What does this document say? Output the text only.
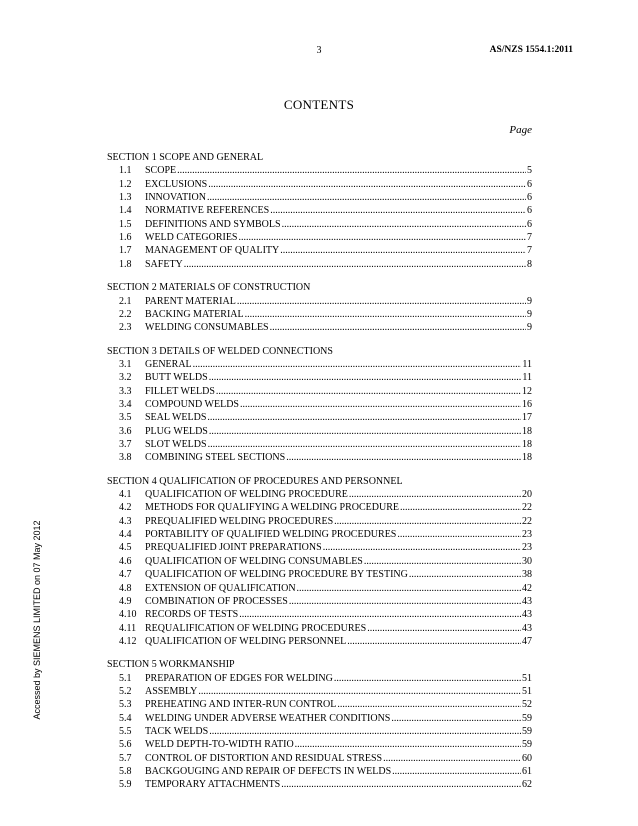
3	AS/NZS 1554.1:2011
CONTENTS
Page
Accessed by SIEMENS LIMITED on 07 May 2012
SECTION 1 SCOPE AND GENERAL
1.1	SCOPE .....	5
1.2	EXCLUSIONS .....	6
1.3	INNOVATION .....	6
1.4	NORMATIVE REFERENCES .....	6
1.5	DEFINITIONS AND SYMBOLS .....	6
1.6	WELD CATEGORIES .....	7
1.7	MANAGEMENT OF QUALITY .....	7
1.8	SAFETY .....	8
SECTION 2 MATERIALS OF CONSTRUCTION
2.1	PARENT MATERIAL .....	9
2.2	BACKING MATERIAL .....	9
2.3	WELDING CONSUMABLES .....	9
SECTION 3 DETAILS OF WELDED CONNECTIONS
3.1	GENERAL .....	11
3.2	BUTT WELDS .....	11
3.3	FILLET WELDS .....	12
3.4	COMPOUND WELDS .....	16
3.5	SEAL WELDS .....	17
3.6	PLUG WELDS .....	18
3.7	SLOT WELDS .....	18
3.8	COMBINING STEEL SECTIONS .....	18
SECTION 4 QUALIFICATION OF PROCEDURES AND PERSONNEL
4.1	QUALIFICATION OF WELDING PROCEDURE .....	20
4.2	METHODS FOR QUALIFYING A WELDING PROCEDURE .....	22
4.3	PREQUALIFIED WELDING PROCEDURES .....	22
4.4	PORTABILITY OF QUALIFIED WELDING PROCEDURES .....	23
4.5	PREQUALIFIED JOINT PREPARATIONS .....	23
4.6	QUALIFICATION OF WELDING CONSUMABLES .....	30
4.7	QUALIFICATION OF WELDING PROCEDURE BY TESTING .....	38
4.8	EXTENSION OF QUALIFICATION .....	42
4.9	COMBINATION OF PROCESSES .....	43
4.10 RECORDS OF TESTS .....	43
4.11 REQUALIFICATION OF WELDING PROCEDURES .....	43
4.12 QUALIFICATION OF WELDING PERSONNEL .....	47
SECTION 5 WORKMANSHIP
5.1	PREPARATION OF EDGES FOR WELDING .....	51
5.2	ASSEMBLY .....	51
5.3	PREHEATING AND INTER-RUN CONTROL .....	52
5.4	WELDING UNDER ADVERSE WEATHER CONDITIONS .....	59
5.5	TACK WELDS .....	59
5.6	WELD DEPTH-TO-WIDTH RATIO .....	59
5.7	CONTROL OF DISTORTION AND RESIDUAL STRESS .....	60
5.8	BACKGOUGING AND REPAIR OF DEFECTS IN WELDS .....	61
5.9	TEMPORARY ATTACHMENTS .....	62
